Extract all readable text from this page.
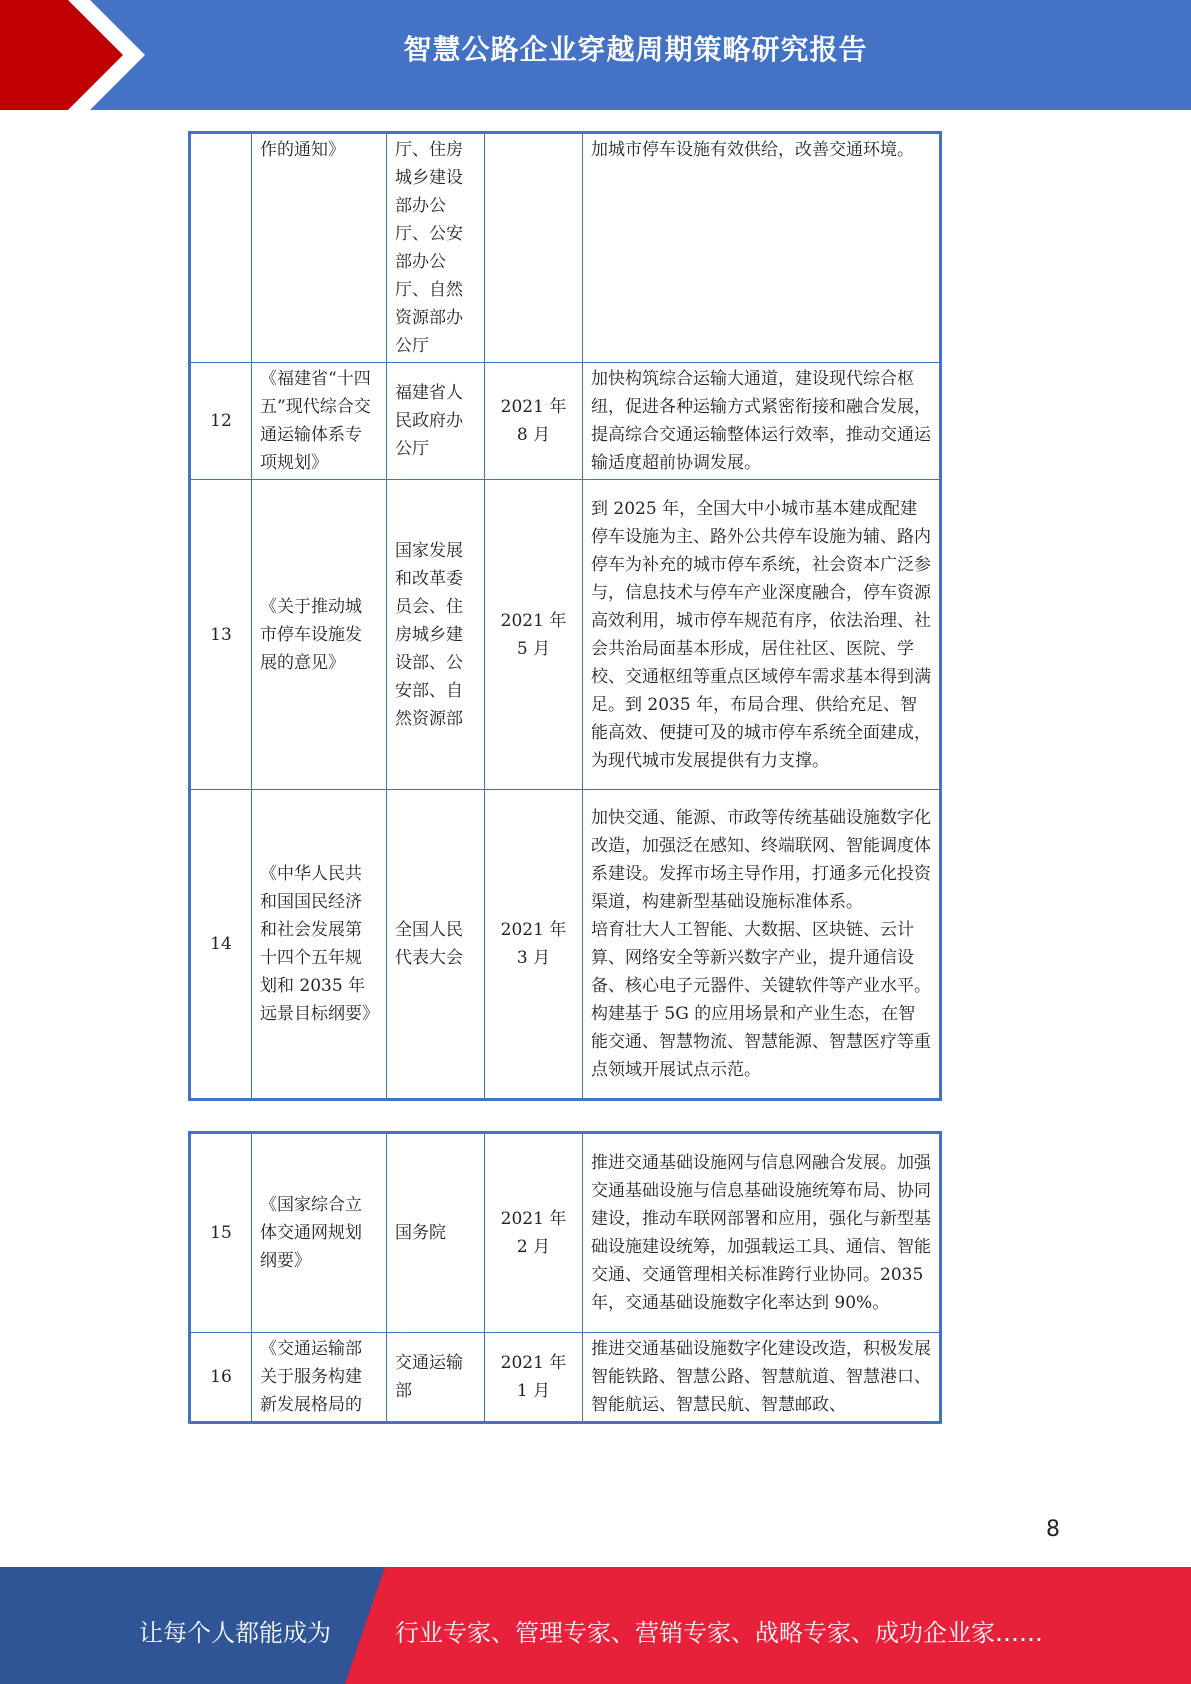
智慧公路企业穿越周期策略研究报告
	作的通知》	厅、住房城乡建设部办公厅、公安部办公厅、自然资源部办公厅		加城市停车设施有效供给，改善交通环境。

12	《福建省“十四五”现代综合交通运输体系专项规划》	福建省人民政府办公厅	2021 年 8 月	加快构筑综合运输大通道，建设现代综合枢纽，促进各种运输方式紧密衔接和融合发展，提高综合交通运输整体运行效率，推动交通运输适度超前协调发展。

13	《关于推动城市停车设施发展的意见》	国家发展和改革委员会、住房城乡建设部、公安部、自然资源部	2021 年 5 月	到 2025 年，全国大中小城市基本建成配建停车设施为主、路外公共停车设施为辅、路内停车为补充的城市停车系统，社会资本广泛参与，信息技术与停车产业深度融合，停车资源高效利用，城市停车规范有序，依法治理、社会共治局面基本形成，居住社区、医院、学校、交通枢纽等重点区域停车需求基本得到满足。到 2035 年，布局合理、供给充足、智能高效、便捷可及的城市停车系统全面建成，为现代城市发展提供有力支撑。

14	《中华人民共和国国民经济和社会发展第十四个五年规划和 2035 年远景目标纲要》	全国人民代表大会	2021 年 3 月	加快交通、能源、市政等传统基础设施数字化改造，加强泛在感知、终端联网、智能调度体系建设。发挥市场主导作用，打通多元化投资渠道，构建新型基础设施标准体系。
培育壮大人工智能、大数据、区块链、云计算、网络安全等新兴数字产业，提升通信设备、核心电子元器件、关键软件等产业水平。构建基于 5G 的应用场景和产业生态，在智能交通、智慧物流、智慧能源、智慧医疗等重点领域开展试点示范。
15	《国家综合立体交通网规划纲要》	国务院	2021 年 2 月	推进交通基础设施网与信息网融合发展。加强交通基础设施与信息基础设施统筹布局、协同建设，推动车联网部署和应用，强化与新型基础设施建设统筹，加强载运工具、通信、智能交通、交通管理相关标准跨行业协同。2035 年，交通基础设施数字化率达到 90%。

16	《交通运输部关于服务构建新发展格局的	交通运输部	2021 年 1 月	推进交通基础设施数字化建设改造，积极发展智能铁路、智慧公路、智慧航道、智慧港口、智能航运、智慧民航、智慧邮政、
8
让每个人都能成为	行业专家、管理专家、营销专家、战略专家、成功企业家……
